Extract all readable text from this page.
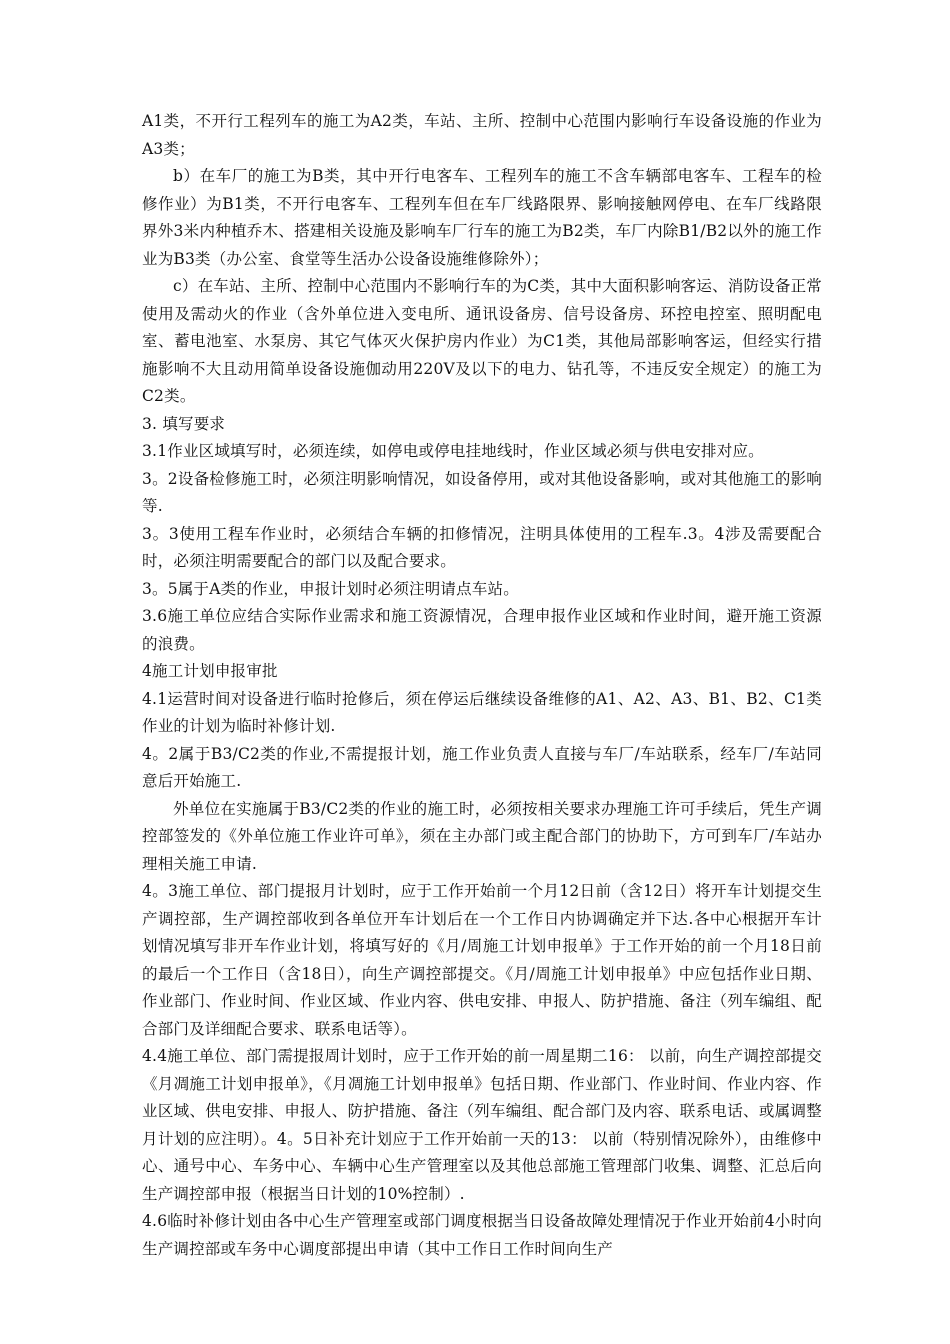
A1类，不开行工程列车的施工为A2类，车站、主所、控制中心范围内影响行车设备设施的作业为A3类；

b）在车厂的施工为B类，其中开行电客车、工程列车的施工不含车辆部电客车、工程车的检修作业）为B1类，不开行电客车、工程列车但在车厂线路限界、影响接触网停电、在车厂线路限界外3米内种植乔木、搭建相关设施及影响车厂行车的施工为B2类，车厂内除B1/B2以外的施工作业为B3类（办公室、食堂等生活办公设备设施维修除外）；

c）在车站、主所、控制中心范围内不影响行车的为C类，其中大面积影响客运、消防设备正常使用及需动火的作业（含外单位进入变电所、通讯设备房、信号设备房、环控电控室、照明配电室、蓄电池室、水泵房、其它气体灭火保护房内作业）为C1类，其他局部影响客运，但经实行措施影响不大且动用简单设备设施伽动用220V及以下的电力、钻孔等，不违反安全规定）的施工为C2类。

3. 填写要求

3.1作业区域填写时，必须连续，如停电或停电挂地线时，作业区域必须与供电安排对应。

3。2设备检修施工时，必须注明影响情况，如设备停用，或对其他设备影响，或对其他施工的影响等.

3。3使用工程车作业时，必须结合车辆的扣修情况，注明具体使用的工程车.3。4涉及需要配合时，必须注明需要配合的部门以及配合要求。

3。5属于A类的作业，申报计划时必须注明请点车站。

3.6施工单位应结合实际作业需求和施工资源情况，合理申报作业区域和作业时间，避开施工资源的浪费。

4施工计划申报审批

4.1运营时间对设备进行临时抢修后，须在停运后继续设备维修的A1、A2、A3、B1、B2、C1类作业的计划为临时补修计划.

4。2属于B3/C2类的作业,不需提报计划，施工作业负责人直接与车厂/车站联系，经车厂/车站同意后开始施工.

外单位在实施属于B3/C2类的作业的施工时，必须按相关要求办理施工许可手续后，凭生产调控部签发的《外单位施工作业许可单》，须在主办部门或主配合部门的协助下，方可到车厂/车站办理相关施工申请.

4。3施工单位、部门提报月计划时，应于工作开始前一个月12日前（含12日）将开车计划提交生产调控部，生产调控部收到各单位开车计划后在一个工作日内协调确定并下达.各中心根据开车计划情况填写非开车作业计划，将填写好的《月/周施工计划申报单》于工作开始的前一个月18日前的最后一个工作日（含18日），向生产调控部提交。《月/周施工计划申报单》中应包括作业日期、作业部门、作业时间、作业区域、作业内容、供电安排、申报人、防护措施、备注（列车编组、配合部门及详细配合要求、联系电话等）。

4.4施工单位、部门需提报周计划时，应于工作开始的前一周星期二16： 以前，向生产调控部提交《月凋施工计划申报单》，《月凋施工计划申报单》包括日期、作业部门、作业时间、作业内容、作业区域、供电安排、申报人、防护措施、备注（列车编组、配合部门及内容、联系电话、或属调整月计划的应注明）。4。5日补充计划应于工作开始前一天的13： 以前（特别情况除外），由维修中心、通号中心、车务中心、车辆中心生产管理室以及其他总部施工管理部门收集、调整、汇总后向生产调控部申报（根据当日计划的10%控制）.

4.6临时补修计划由各中心生产管理室或部门调度根据当日设备故障处理情况于作业开始前4小时向生产调控部或车务中心调度部提出申请（其中工作日工作时间向生产
